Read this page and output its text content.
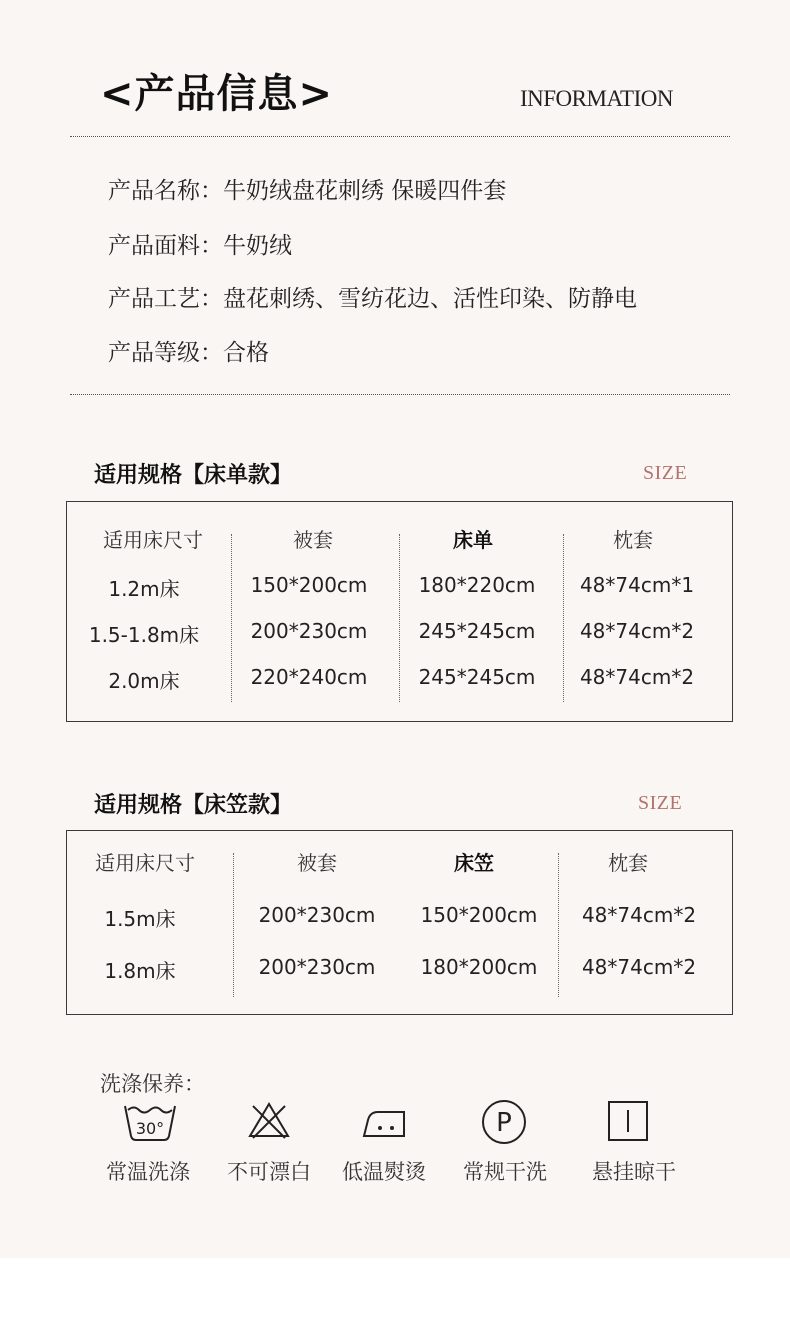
<产品信息>	INFORMATION
产品名称：牛奶绒盘花刺绣 保暖四件套
产品面料：牛奶绒
产品工艺：盘花刺绣、雪纺花边、活性印染、防静电
产品等级：合格
适用规格【床单款】	SIZE
适用床尺寸	被套	床单	枕套
1.2m床	150*200cm	180*220cm 48*74cm*1
1.5-1.8m床	200*230cm	245*245cm 48*74cm*2
2.0m床	220*240cm	245*245cm 48*74cm*2
适用规格【床笠款】	SIZE
适用床尺寸	被套	床笠	枕套
1.5m床	200*230cm 150*200cm 48*74cm*2
1.8m床	200*230cm 180*200cm 48*74cm*2
洗涤保养：
30°
常温洗涤 不可漂白 低温熨烫
P
常规干洗 悬挂晾干
